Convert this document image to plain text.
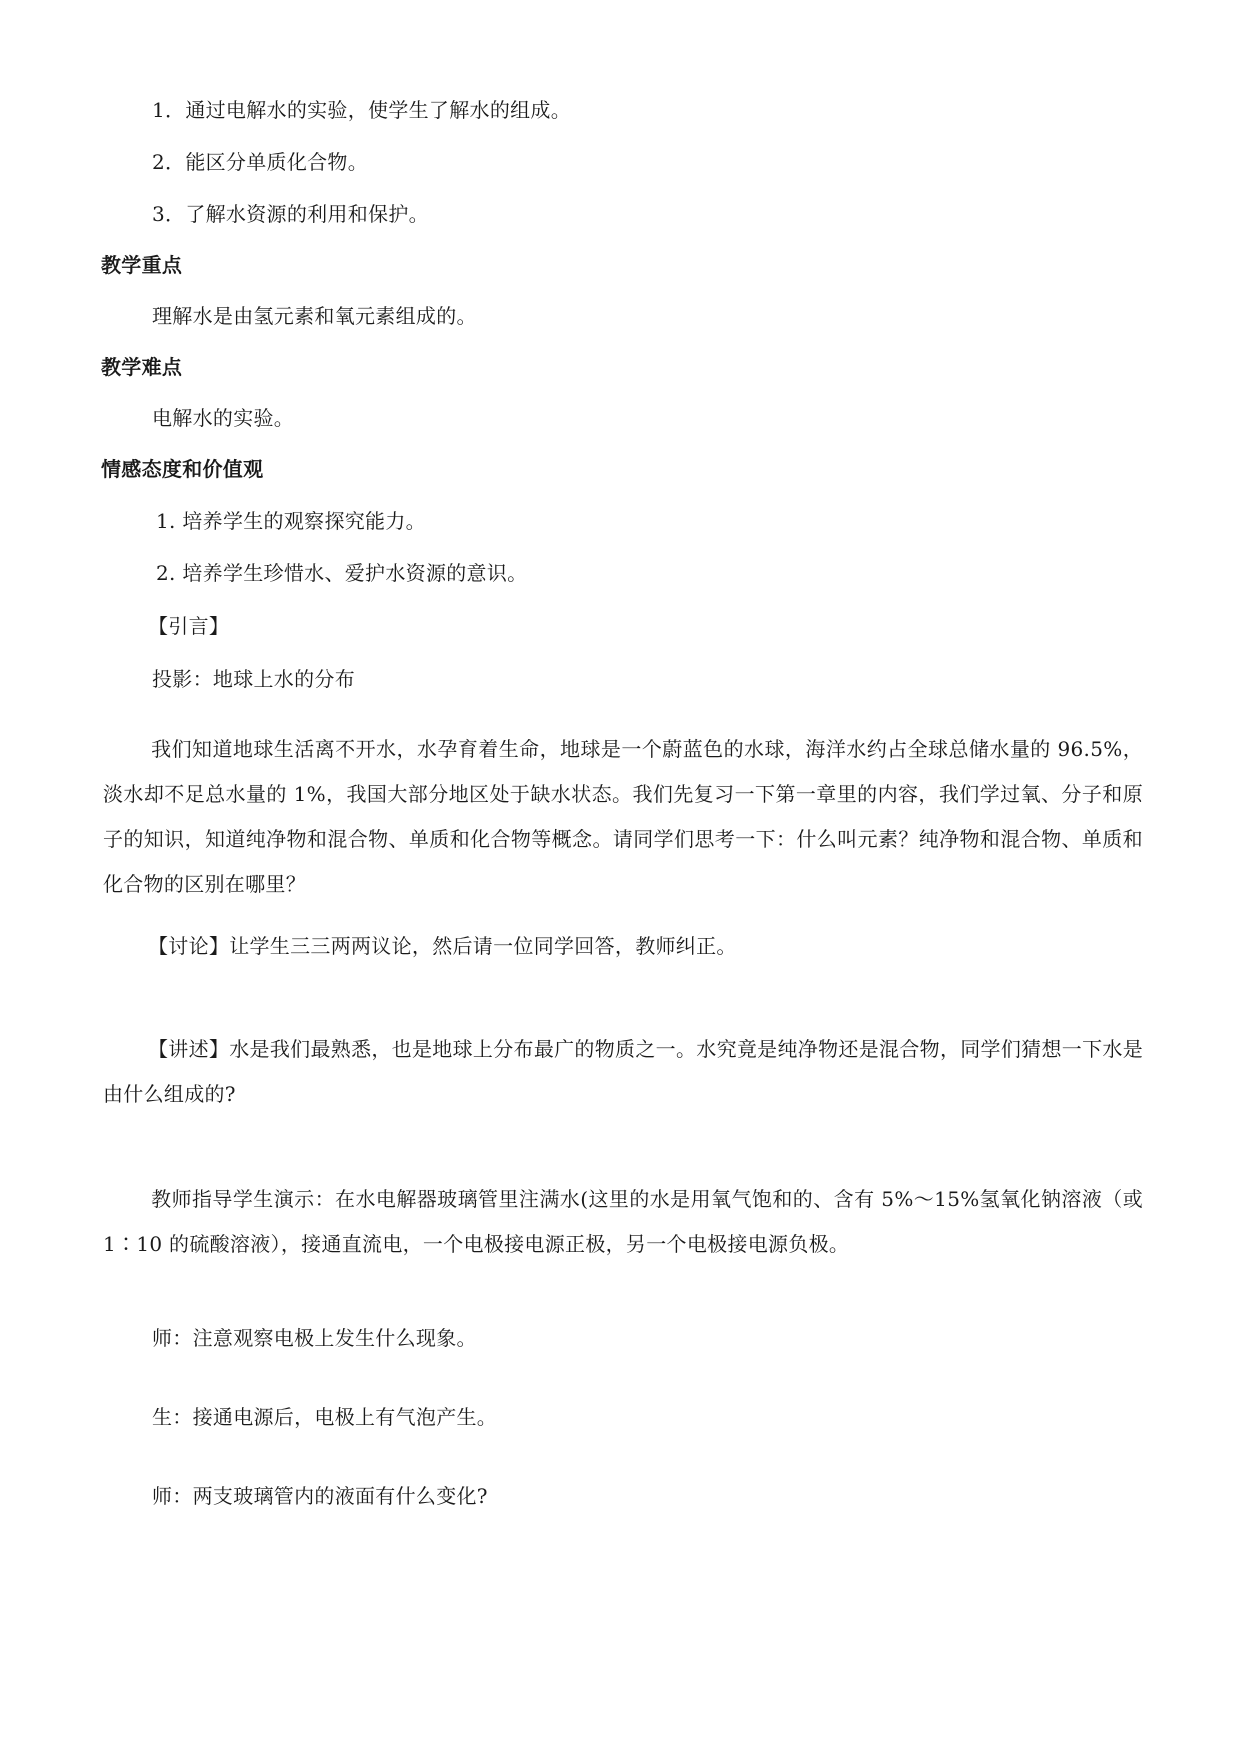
1．通过电解水的实验，使学生了解水的组成。
2．能区分单质化合物。
3．了解水资源的利用和保护。
教学重点
理解水是由氢元素和氧元素组成的。
教学难点
电解水的实验。
情感态度和价值观
1. 培养学生的观察探究能力。
2. 培养学生珍惜水、爱护水资源的意识。
【引言】
投影：地球上水的分布
我们知道地球生活离不开水，水孕育着生命，地球是一个蔚蓝色的水球，海洋水约占全球总储水量的 96.5%，淡水却不足总水量的 1%，我国大部分地区处于缺水状态。我们先复习一下第一章里的内容，我们学过氧、分子和原子的知识，知道纯净物和混合物、单质和化合物等概念。请同学们思考一下：什么叫元素？纯净物和混合物、单质和化合物的区别在哪里？
【讨论】让学生三三两两议论，然后请一位同学回答，教师纠正。
【讲述】水是我们最熟悉，也是地球上分布最广的物质之一。水究竟是纯净物还是混合物，同学们猜想一下水是由什么组成的?
教师指导学生演示：在水电解器玻璃管里注满水(这里的水是用氧气饱和的、含有 5%～15%氢氧化钠溶液（或 1∶10 的硫酸溶液），接通直流电，一个电极接电源正极，另一个电极接电源负极。
师：注意观察电极上发生什么现象。
生：接通电源后，电极上有气泡产生。
师：两支玻璃管内的液面有什么变化?
